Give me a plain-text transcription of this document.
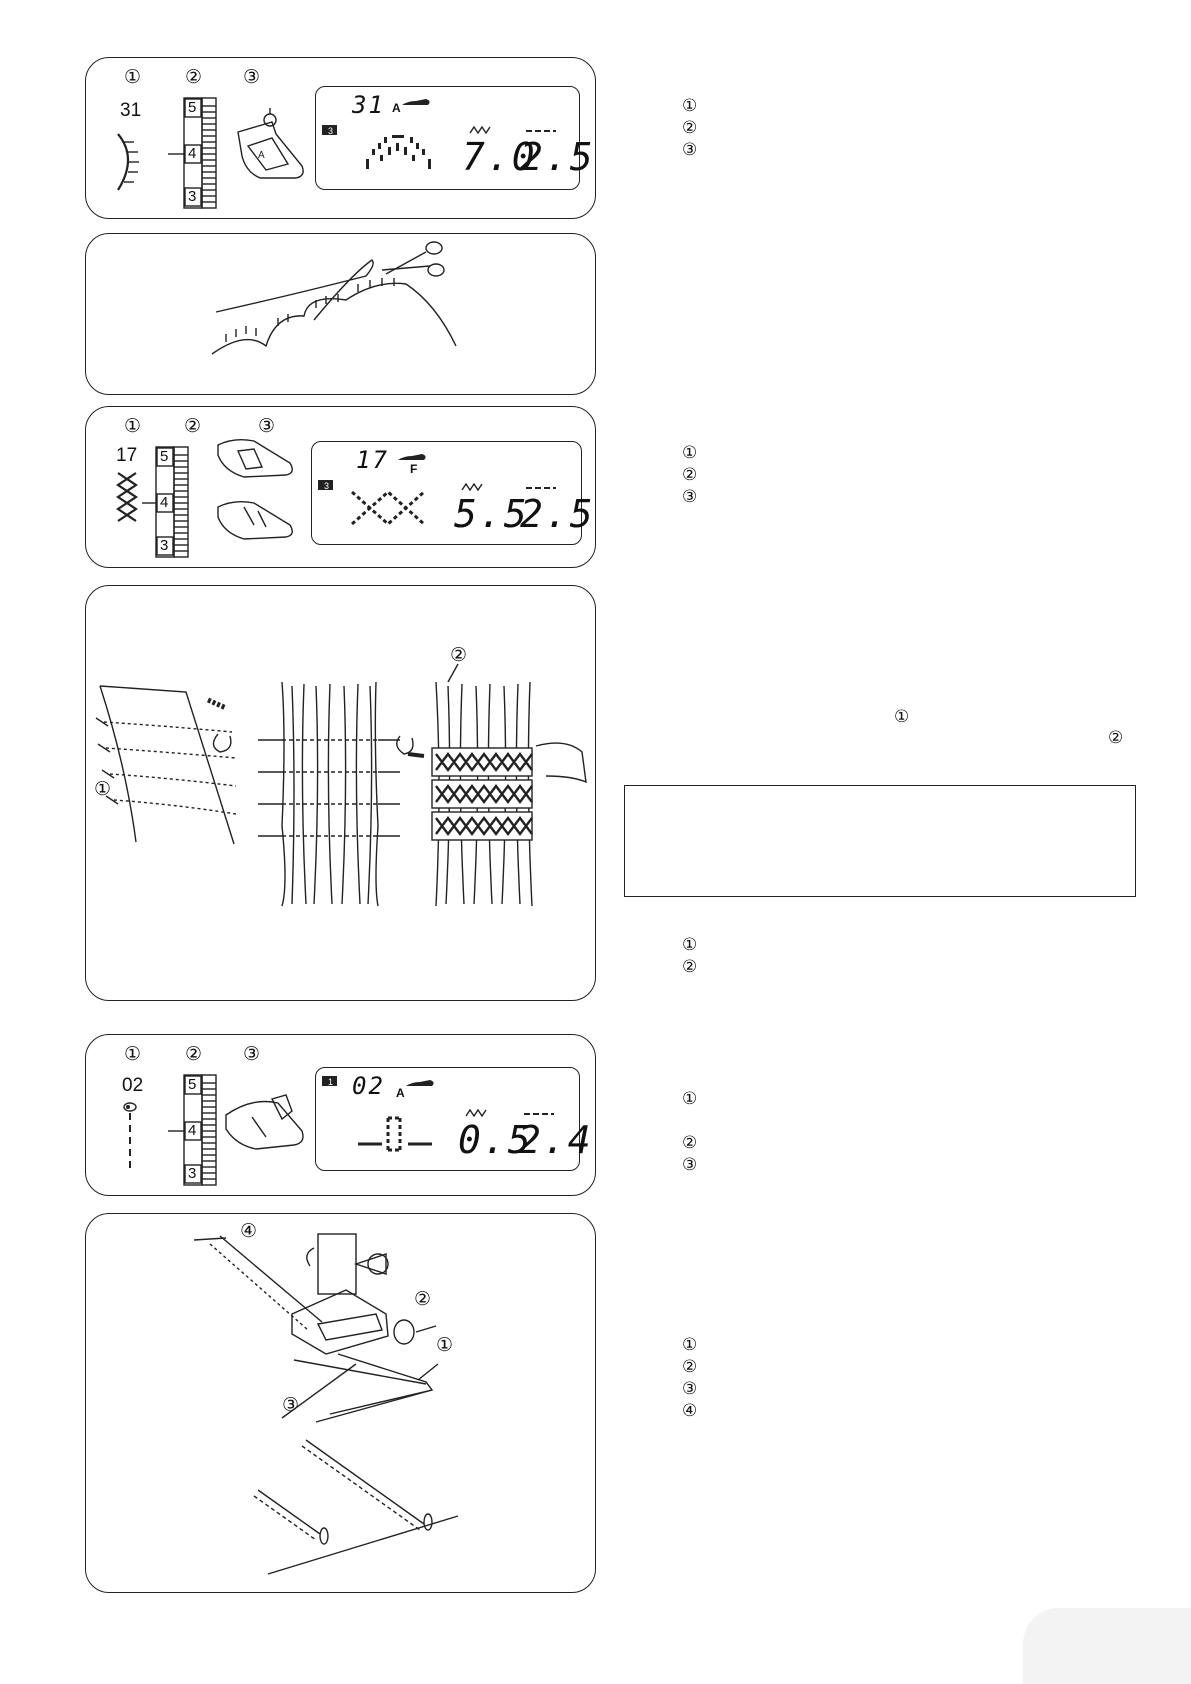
① ② ③
31	5
4
3
A
31 A
3
7.0
2.5
① ②	③
17 5
4
3
17 F
3
5.5
2.5
①
②
① ② ③
02	5
4
3
1 02 A
0.5
2.4
④
②
①
③
①
②
③
①
②
③
①
②
①
②
①
②
③
①
②
③
④
